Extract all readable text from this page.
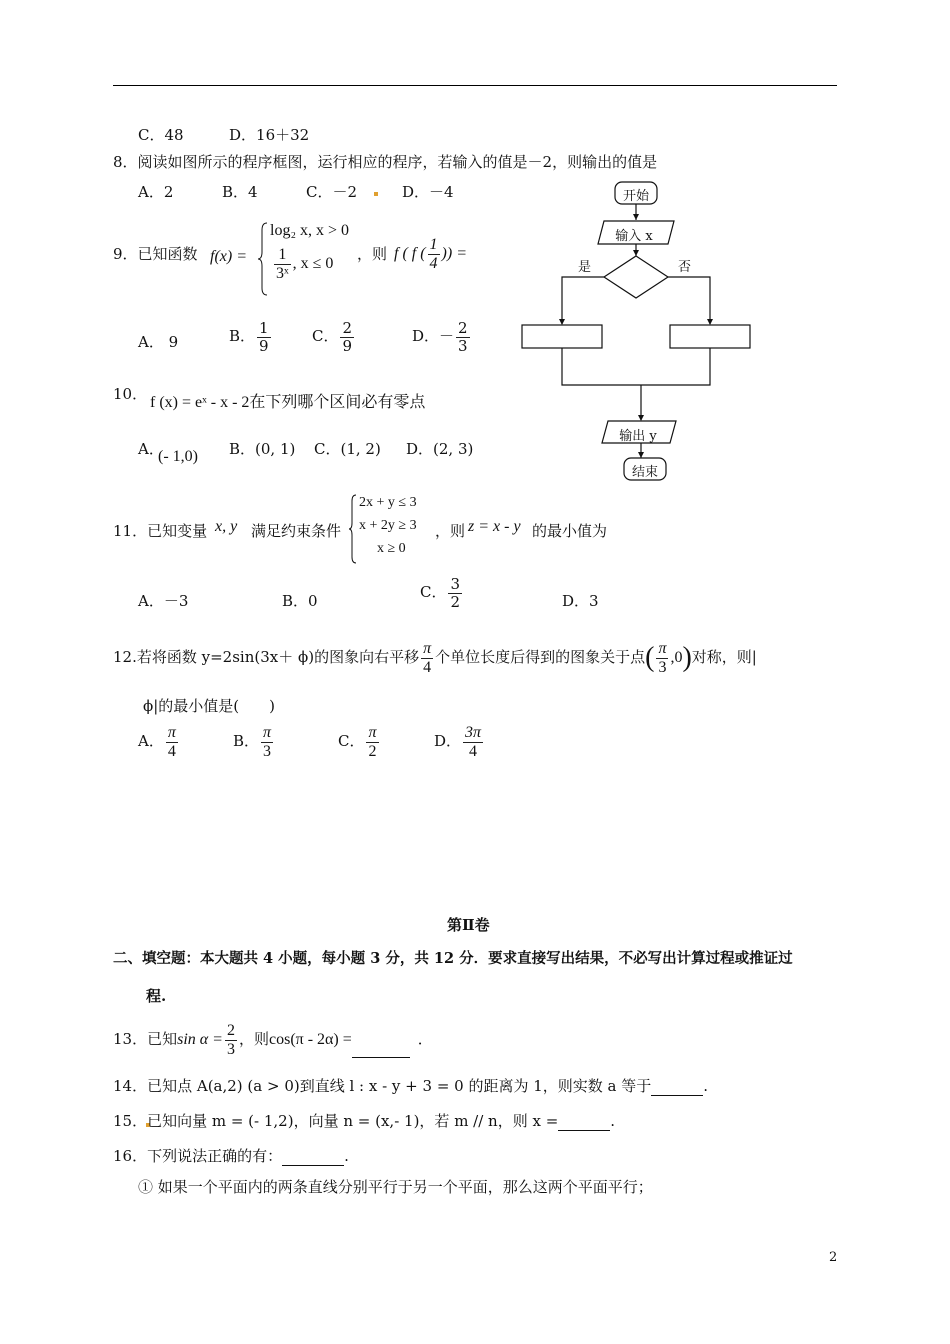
C．48	D．16＋32
8．阅读如图所示的程序框图，运行相应的程序，若输入的值是－2，则输出的值是
A．2	B．4	C．－2	D．－4	开始
输入 x
是	否
输出 y
结束
9．已知函数 f(x) =
log₂ x, x > 0
$\frac{1}{\text{3ˣ}}$ , x ≤ 0
，则 f ( f ( $\frac{1}{4}$ )) =
A． 9	B． $\frac{1}{9}$	C． $\frac{2}{9}$	D．－ $\frac{2}{3}$
10． f (x) = eˣ - x - 2在下列哪个区间必有零点
A．
(- 1,0) B．(0, 1) C．(1, 2) D．(2, 3)
11．已知变量 x, y 满足约束条件
2x + y ≤ 3
x + 2y ≥ 3
x ≥ 0
，则 z = x - y 的最小值为
A．－3	B．0	C． $\frac{3}{2}$	D．3
12.若将函数 y=2sin(3x＋ ϕ)的图象向右平移 $\frac{\pi}{4}$ 个单位长度后得到的图象关于点( $\frac{\pi}{3} ,0$)对称，则|
ϕ|的最小值是(　　)
A． $\frac{\pi}{4}$	B． $\frac{\pi}{3}$	C． $\frac{\pi}{2}$	D． $\frac{3\pi}{4}$
第Ⅱ卷
二、填空题：本大题共 4 小题，每小题 3 分，共 12 分．要求直接写出结果，不必写出计算过程或推证过
程.
13．已知$\sin \alpha = \frac{2}{3}$ ，则cos(π - 2α) =	．
14．已知点 A(a,2) (a > 0)到直线 l : x - y + 3 = 0 的距离为 1，则实数 a 等于	.
15．已知向量 m = (- 1,2)，向量 n = (x,- 1)，若 m // n，则 x =	.
16．下列说法正确的有：	.
① 如果一个平面内的两条直线分别平行于另一个平面，那么这两个平面平行；
2
